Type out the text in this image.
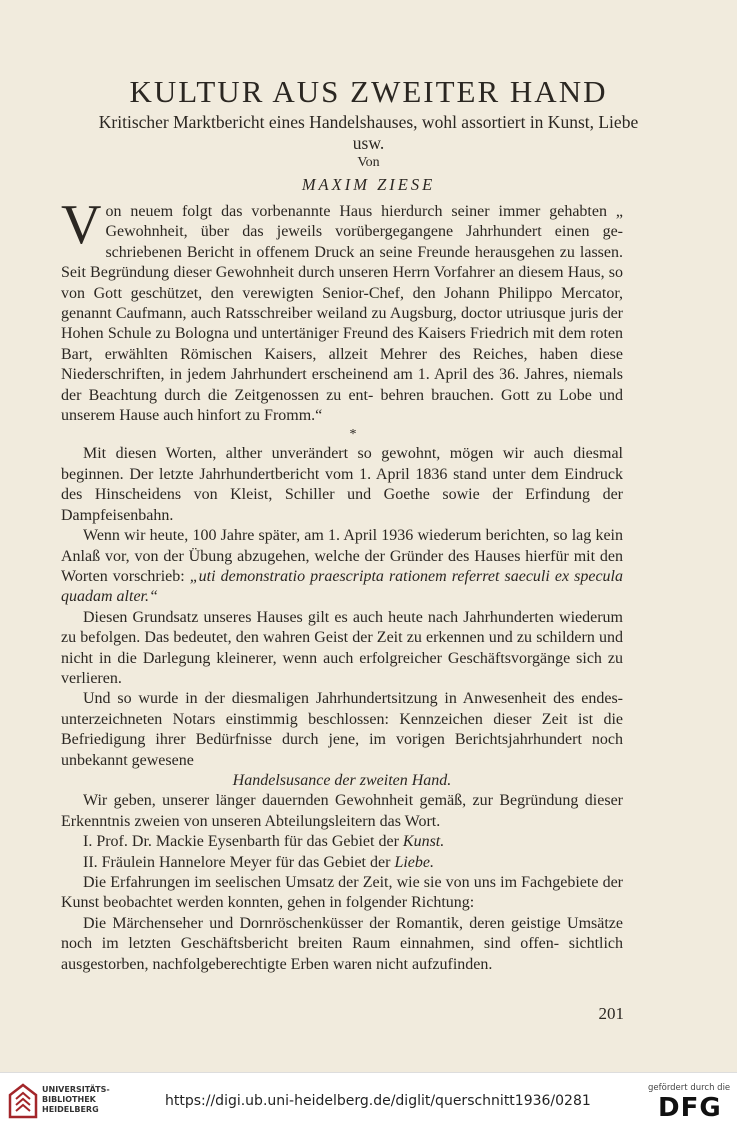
KULTUR AUS ZWEITER HAND

Kritischer Marktbericht eines Handelshauses, wohl assortiert in Kunst, Liebe usw.

Von
MAXIM ZIESE

Von neuem folgt das vorbenannte Haus hierdurch seiner immer gehabten „ Gewohnheit, über das jeweils vorübergegangene Jahrhundert einen ge- schriebenen Bericht in offenem Druck an seine Freunde herausgehen zu lassen. Seit Begründung dieser Gewohnheit durch unseren Herrn Vorfahrer an diesem Haus, so von Gott geschützet, den verewigten Senior-Chef, den Johann Philippo Mercator, genannt Caufmann, auch Ratsschreiber weiland zu Augsburg, doctor utriusque juris der Hohen Schule zu Bologna und untertäniger Freund des Kaisers Friedrich mit dem roten Bart, erwählten Römischen Kaisers, allzeit Mehrer des Reiches, haben diese Niederschriften, in jedem Jahrhundert erscheinend am 1. April des 36. Jahres, niemals der Beachtung durch die Zeitgenossen zu ent- behren brauchen. Gott zu Lobe und unserem Hause auch hinfort zu Fromm.“

*

Mit diesen Worten, alther unverändert so gewohnt, mögen wir auch diesmal beginnen. Der letzte Jahrhundertbericht vom 1. April 1836 stand unter dem Eindruck des Hinscheidens von Kleist, Schiller und Goethe sowie der Erfindung der Dampfeisenbahn.

Wenn wir heute, 100 Jahre später, am 1. April 1936 wiederum berichten, so lag kein Anlaß vor, von der Übung abzugehen, welche der Gründer des Hauses hierfür mit den Worten vorschrieb: „uti demonstratio praescripta rationem referret saeculi ex specula quadam alter.“

Diesen Grundsatz unseres Hauses gilt es auch heute nach Jahrhunderten wiederum zu befolgen. Das bedeutet, den wahren Geist der Zeit zu erkennen und zu schildern und nicht in die Darlegung kleinerer, wenn auch erfolgreicher Geschäftsvorgänge sich zu verlieren.

Und so wurde in der diesmaligen Jahrhundertsitzung in Anwesenheit des endes- unterzeichneten Notars einstimmig beschlossen: Kennzeichen dieser Zeit ist die Befriedigung ihrer Bedürfnisse durch jene, im vorigen Berichtsjahrhundert noch unbekannt gewesene

Handelsusance der zweiten Hand.

Wir geben, unserer länger dauernden Gewohnheit gemäß, zur Begründung dieser Erkenntnis zweien von unseren Abteilungsleitern das Wort.

I. Prof. Dr. Mackie Eysenbarth für das Gebiet der Kunst.

II. Fräulein Hannelore Meyer für das Gebiet der Liebe.

Die Erfahrungen im seelischen Umsatz der Zeit, wie sie von uns im Fachgebiete der Kunst beobachtet werden konnten, gehen in folgender Richtung:

Die Märchenseher und Dornröschenküsser der Romantik, deren geistige Umsätze noch im letzten Geschäftsbericht breiten Raum einnahmen, sind offen- sichtlich ausgestorben, nachfolgeberechtigte Erben waren nicht aufzufinden.

201
UNIVERSITÄTS-
BIBLIOTHEK
HEIDELBERG
https://digi.ub.uni-heidelberg.de/diglit/querschnitt1936/0281
gefördert durch die
DFG
